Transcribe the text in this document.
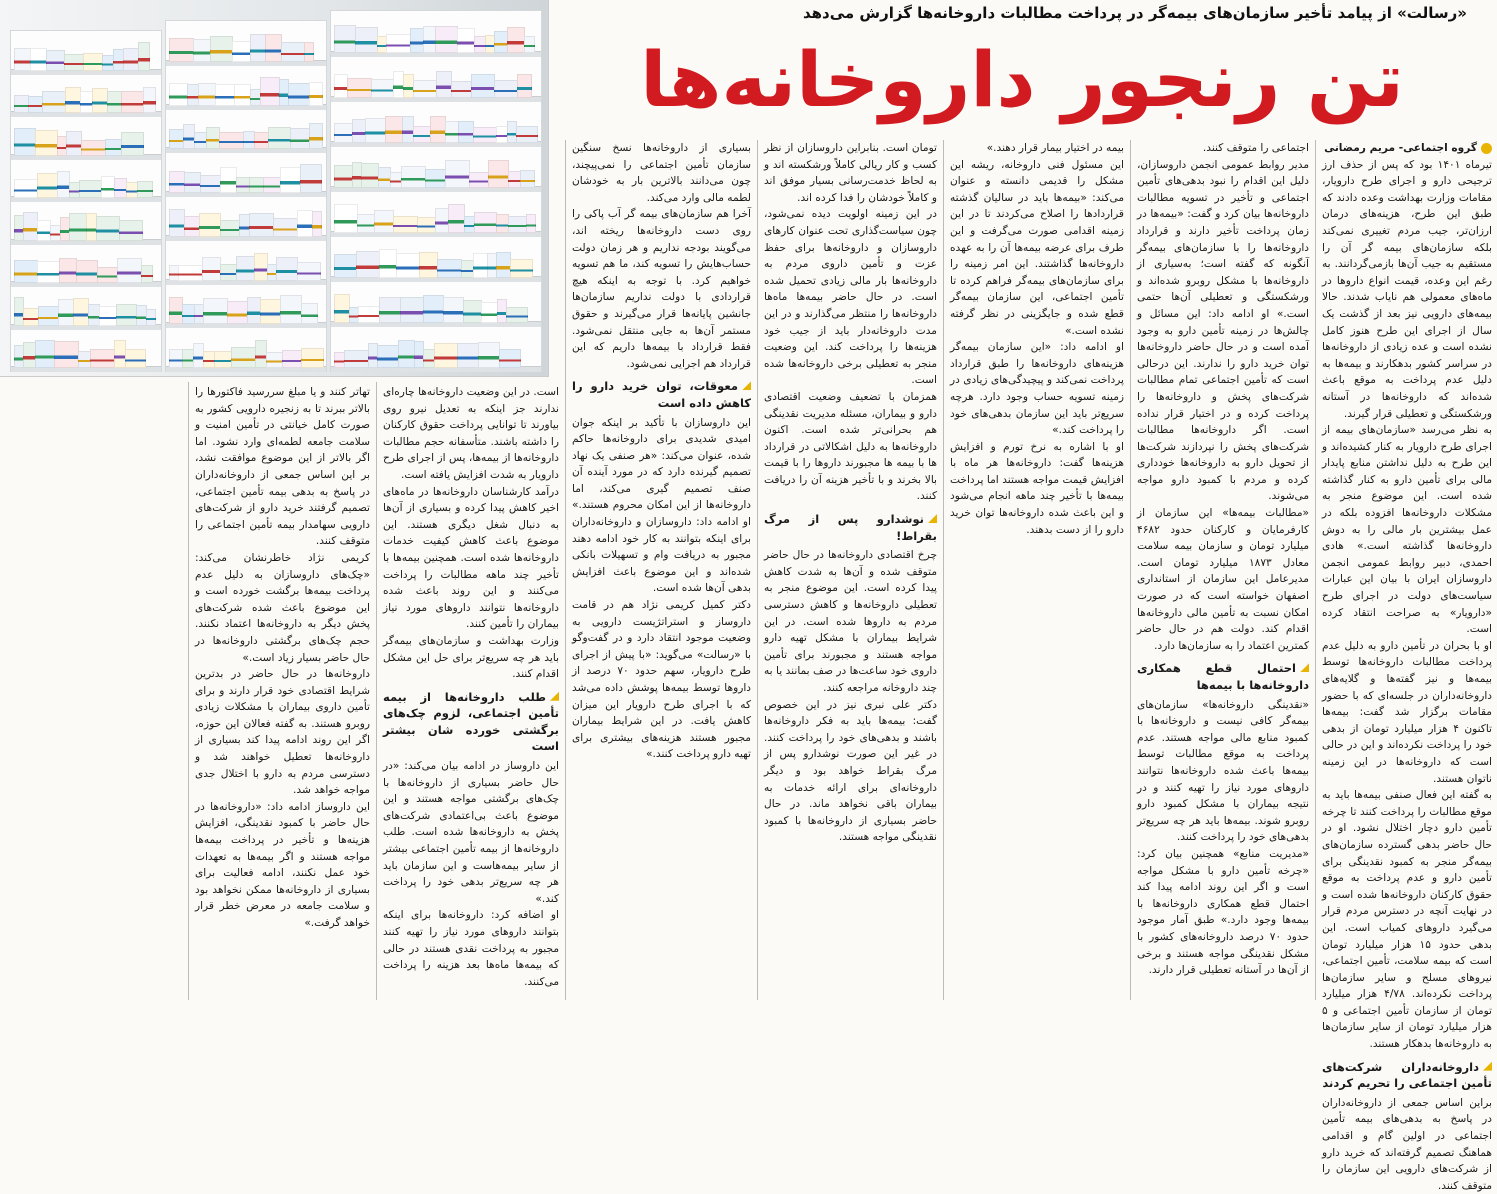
«رسالت» از پیامد تأخیر سازمان‌های بیمه‌گر در پرداخت مطالبات داروخانه‌ها گزارش می‌دهد
تن رنجور داروخانه‌ها

گروه اجتماعی- مریم رمضانی

تیرماه ۱۴۰۱ بود که پس از حذف ارز ترجیحی دارو و اجرای طرح دارویار، مقامات وزارت بهداشت وعده دادند که طبق این طرح، هزینه‌های درمان ارزان‌تر، جیب مردم تغییری نمی‌کند بلکه سازمان‌های بیمه گر آن را مستقیم به جیب آن‌ها بازمی‌گردانند. به رغم این وعده، قیمت انواع داروها در ماه‌های معمولی هم نایاب شدند. حالا بیمه‌های دارویی نیز بعد از گذشت یک سال از اجرای این طرح هنوز کامل نشده است و عده زیادی از داروخانه‌ها در سراسر کشور بدهکارند و بیمه‌ها به دلیل عدم پرداخت به موقع باعث شده‌اند که داروخانه‌ها در آستانه ورشکستگی و تعطیلی قرار گیرند.
به نظر می‌رسد «سازمان‌های بیمه از اجرای طرح دارویار به کنار کشیده‌اند و این طرح به دلیل نداشتن منابع پایدار مالی برای تأمین دارو به کنار گذاشته شده است. این موضوع منجر به مشکلات داروخانه‌ها افزوده بلکه در عمل بیشترین بار مالی را به دوش داروخانه‌ها گذاشته است.» هادی احمدی، دبیر روابط عمومی انجمن داروسازان ایران با بیان این عبارات سیاست‌های دولت در اجرای طرح «دارویار» به صراحت انتقاد کرده است.
او با بحران در تأمین دارو به دلیل عدم پرداخت مطالبات داروخانه‌ها توسط بیمه‌ها و نیز گفته‌ها و گلایه‌های داروخانه‌داران در جلسه‌ای که با حضور مقامات برگزار شد گفت: بیمه‌ها تاکنون ۴ هزار میلیارد تومان از بدهی خود را پرداخت نکرده‌اند و این در حالی است که داروخانه‌ها در این زمینه ناتوان هستند.

به گفته این فعال صنفی بیمه‌ها باید به موقع مطالبات را پرداخت کنند تا چرخه تأمین دارو دچار اختلال نشود. او در حال حاضر بدهی گسترده سازمان‌های بیمه‌گر منجر به کمبود نقدینگی برای تأمین دارو و عدم پرداخت به موقع حقوق کارکنان داروخانه‌ها شده است و در نهایت آنچه در دسترس مردم قرار می‌گیرد داروهای کمیاب است. این بدهی حدود ۱۵ هزار میلیارد تومان است که بیمه سلامت، تأمین اجتماعی، نیروهای مسلح و سایر سازمان‌ها پرداخت نکرده‌اند. ۴/۷۸ هزار میلیارد تومان از سازمان تأمین اجتماعی و ۵ هزار میلیارد تومان از سایر سازمان‌ها به داروخانه‌ها بدهکار هستند.

داروخانه‌داران شرکت‌های تأمین اجتماعی را تحریم کردند

براین اساس جمعی از داروخانه‌داران در پاسخ به بدهی‌های بیمه تأمین اجتماعی در اولین گام و اقدامی هماهنگ تصمیم گرفته‌اند که خرید دارو از شرکت‌های دارویی این سازمان را متوقف کنند.

اجتماعی را متوقف کنند.
مدیر روابط عمومی انجمن داروسازان، دلیل این اقدام را نبود بدهی‌های تأمین اجتماعی و تأخیر در تسویه مطالبات داروخانه‌ها بیان کرد و گفت: «بیمه‌ها در زمان پرداخت تأخیر دارند و قرارداد داروخانه‌ها را با سازمان‌های بیمه‌گر آنگونه که گفته است؛ به‌سیاری از داروخانه‌ها با مشکل روبرو شده‌اند و ورشکستگی و تعطیلی آن‌ها حتمی است.» او ادامه داد: این مسائل و چالش‌ها در زمینه تأمین دارو به وجود آمده است و در حال حاضر داروخانه‌ها توان خرید دارو را ندارند. این درحالی است که تأمین اجتماعی تمام مطالبات شرکت‌های پخش و داروخانه‌ها را پرداخت کرده و در اختیار قرار نداده است. اگر داروخانه‌ها مطالبات شرکت‌های پخش را نپردازند شرکت‌ها از تحویل دارو به داروخانه‌ها خودداری کرده و مردم با کمبود دارو مواجه می‌شوند.
«مطالبات بیمه‌ها» این سازمان از کارفرمایان و کارکنان حدود ۴۶۸۲ میلیارد تومان و سازمان بیمه سلامت معادل ۱۸۷۳ میلیارد تومان است. مدیرعامل این سازمان از استانداری اصفهان خواسته است که در صورت امکان نسبت به تأمین مالی داروخانه‌ها اقدام کند. دولت هم در حال حاضر کمترین اعتماد را به سازمان‌ها دارد.

احتمال قطع همکاری داروخانه‌ها با بیمه‌ها

«نقدینگی داروخانه‌ها» سازمان‌های بیمه‌گر کافی نیست و داروخانه‌ها با کمبود منابع مالی مواجه هستند. عدم پرداخت به موقع مطالبات توسط بیمه‌ها باعث شده داروخانه‌ها نتوانند داروهای مورد نیاز را تهیه کنند و در نتیجه بیماران با مشکل کمبود دارو روبرو شوند. بیمه‌ها باید هر چه سریع‌تر بدهی‌های خود را پرداخت کنند.
«مدیریت منابع» همچنین بیان کرد: «چرخه تأمین دارو با مشکل مواجه است و اگر این روند ادامه پیدا کند احتمال قطع همکاری داروخانه‌ها با بیمه‌ها وجود دارد.» طبق آمار موجود حدود ۷۰ درصد داروخانه‌های کشور با مشکل نقدینگی مواجه هستند و برخی از آن‌ها در آستانه تعطیلی قرار دارند.

بیمه در اختیار بیمار قرار دهند.»
این مسئول فنی داروخانه، ریشه این مشکل را قدیمی دانسته و عنوان می‌کند: «بیمه‌ها باید در سالیان گذشته قرارداد‌ها را اصلاح می‌کردند تا در این زمینه اقدامی صورت می‌گرفت و این طرف برای عرضه بیمه‌ها آن را به عهده داروخانه‌ها گذاشتند. این امر زمینه را برای سازمان‌های بیمه‌گر فراهم کرده تا تأمین اجتماعی، این سازمان بیمه‌گر قطع شده و جایگزینی در نظر گرفته نشده است.»
او ادامه داد: «این سازمان بیمه‌گر هزینه‌های داروخانه‌ها را طبق قرارداد پرداخت نمی‌کند و پیچیدگی‌های زیادی در زمینه تسویه حساب وجود دارد. هرچه سریع‌تر باید این سازمان بدهی‌های خود را پرداخت کند.»
او با اشاره به نرخ تورم و افزایش هزینه‌ها گفت: داروخانه‌ها هر ماه با افزایش قیمت مواجه هستند اما پرداخت بیمه‌ها با تأخیر چند ماهه انجام می‌شود و این باعث شده داروخانه‌ها توان خرید دارو را از دست بدهند.

تومان است. بنابراین داروسازان از نظر کسب و کار ریالی کاملاً ورشکسته اند و به لحاظ خدمت‌رسانی بسیار موفق اند و کاملاً خودشان را فدا کرده اند.
در این زمینه اولویت دیده نمی‌شود، چون سیاست‌گذاری تحت عنوان کارهای داروسازان و داروخانه‌ها برای حفظ عزت و تأمین داروی مردم به داروخانه‌ها بار مالی زیادی تحمیل شده است. در حال حاضر بیمه‌ها ماه‌ها داروخانه‌ها را منتظر می‌گذارند و در این مدت داروخانه‌دار باید از جیب خود هزینه‌ها را پرداخت کند. این وضعیت منجر به تعطیلی برخی داروخانه‌ها شده است.
همزمان با تضعیف وضعیت اقتصادی دارو و بیماران، مسئله مدیریت نقدینگی هم بحرانی‌تر شده است. اکنون داروخانه‌ها به دلیل اشکالاتی در قرارداد ها با بیمه ها مجبورند داروها را با قیمت بالا بخرند و با تأخیر هزینه آن را دریافت کنند.

نوشدارو پس از مرگ بقراط!

چرخ اقتصادی داروخانه‌ها در حال حاضر متوقف شده و آن‌ها به شدت کاهش پیدا کرده است. این موضوع منجر به تعطیلی داروخانه‌ها و کاهش دسترسی مردم به داروها شده است. در این شرایط بیماران با مشکل تهیه دارو مواجه هستند و مجبورند برای تأمین داروی خود ساعت‌ها در صف بمانند یا به چند داروخانه مراجعه کنند.
دکتر علی نبری نیز در این خصوص گفت: بیمه‌ها باید به فکر داروخانه‌ها باشند و بدهی‌های خود را پرداخت کنند. در غیر این صورت نوشدارو پس از مرگ بقراط خواهد بود و دیگر داروخانه‌ای برای ارائه خدمات به بیماران باقی نخواهد ماند. در حال حاضر بسیاری از داروخانه‌ها با کمبود نقدینگی مواجه هستند.

بسیاری از داروخانه‌ها نسخ سنگین سازمان تأمین اجتماعی را نمی‌پیچند، چون می‌دانند بالاترین بار به خودشان لطمه مالی وارد می‌کند.
آخرا هم سازمان‌های بیمه گر آب پاکی را روی دست داروخانه‌ها ریخته اند، می‌گویند بودجه نداریم و هر زمان دولت حساب‌هایش را تسویه کند، ما هم تسویه خواهیم کرد. با توجه به اینکه هیچ قراردادی با دولت نداریم سازمان‌ها جانشین پایانه‌ها قرار می‌گیرند و حقوق مستمر آن‌ها به جایی منتقل نمی‌شود. فقط قرارداد با بیمه‌ها داریم که این قرارداد هم اجرایی نمی‌شود.

معوقات، توان خرید دارو را کاهش داده است

این داروسازان با تأکید بر اینکه جوان امیدی شدیدی برای داروخانه‌ها حاکم شده، عنوان می‌کند: «هر صنفی یک نهاد تصمیم گیرنده دارد که در مورد آینده آن صنف تصمیم گیری می‌کند، اما داروخانه‌ها از این امکان محروم هستند.» او ادامه داد: داروسازان و داروخانه‌داران برای اینکه بتوانند به کار خود ادامه دهند مجبور به دریافت وام و تسهیلات بانکی شده‌اند و این موضوع باعث افزایش بدهی آن‌ها شده است.
دکتر کمیل کریمی نژاد هم در قامت داروساز و استراتژیست دارویی به وضعیت موجود انتقاد دارد و در گفت‌وگو با «رسالت» می‌گوید: «با پیش از اجرای طرح دارویار، سهم حدود ۷۰ درصد از داروها توسط بیمه‌ها پوشش داده می‌شد که با اجرای طرح دارویار این میزان کاهش یافت. در این شرایط بیماران مجبور هستند هزینه‌های بیشتری برای تهیه دارو پرداخت کنند.»

است. در این وضعیت داروخانه‌ها چاره‌ای ندارند جز اینکه به تعدیل نیرو روی بیاورند تا توانایی پرداخت حقوق کارکنان را داشته باشند. متأسفانه حجم مطالبات داروخانه‌ها از بیمه‌ها، پس از اجرای طرح دارویار به شدت افزایش یافته است.
درآمد کارشناسان داروخانه‌ها در ماه‌های اخیر کاهش پیدا کرده و بسیاری از آن‌ها به دنبال شغل دیگری هستند. این موضوع باعث کاهش کیفیت خدمات داروخانه‌ها شده است. همچنین بیمه‌ها با تأخیر چند ماهه مطالبات را پرداخت می‌کنند و این روند باعث شده داروخانه‌ها نتوانند داروهای مورد نیاز بیماران را تأمین کنند.
وزارت بهداشت و سازمان‌های بیمه‌گر باید هر چه سریع‌تر برای حل این مشکل اقدام کنند.

طلب داروخانه‌ها از بیمه تأمین اجتماعی، لزوم چک‌های برگشتی خورده شان بیشتر است

این داروساز در ادامه بیان می‌کند: «در حال حاضر بسیاری از داروخانه‌ها با چک‌های برگشتی مواجه هستند و این موضوع باعث بی‌اعتمادی شرکت‌های پخش به داروخانه‌ها شده است. طلب داروخانه‌ها از بیمه تأمین اجتماعی بیشتر از سایر بیمه‌هاست و این سازمان باید هر چه سریع‌تر بدهی خود را پرداخت کند.»
او اضافه کرد: داروخانه‌ها برای اینکه بتوانند داروهای مورد نیاز را تهیه کنند مجبور به پرداخت نقدی هستند در حالی که بیمه‌ها ماه‌ها بعد هزینه را پرداخت می‌کنند.

تهاتر کنند و یا مبلغ سررسید فاکتورها را بالاتر ببرند تا به زنجیره دارویی کشور به صورت کامل خیانتی در تأمین امنیت و سلامت جامعه لطمه‌ای وارد نشود. اما اگر بالاتر از این موضوع موافقت نشد، بر این اساس جمعی از داروخانه‌داران در پاسخ به بدهی بیمه تأمین اجتماعی، تصمیم گرفتند خرید دارو از شرکت‌های دارویی سهامدار بیمه تأمین اجتماعی را متوقف کنند.
کریمی نژاد خاطرنشان می‌کند: «چک‌های داروسازان به دلیل عدم پرداخت بیمه‌ها برگشت خورده است و این موضوع باعث شده شرکت‌های پخش دیگر به داروخانه‌ها اعتماد نکنند. حجم چک‌های برگشتی داروخانه‌ها در حال حاضر بسیار زیاد است.»
داروخانه‌ها در حال حاضر در بدترین شرایط اقتصادی خود قرار دارند و برای تأمین داروی بیماران با مشکلات زیادی روبرو هستند. به گفته فعالان این حوزه، اگر این روند ادامه پیدا کند بسیاری از داروخانه‌ها تعطیل خواهند شد و دسترسی مردم به دارو با اختلال جدی مواجه خواهد شد.
این داروساز ادامه داد: «داروخانه‌ها در حال حاضر با کمبود نقدینگی، افزایش هزینه‌ها و تأخیر در پرداخت بیمه‌ها مواجه هستند و اگر بیمه‌ها به تعهدات خود عمل نکنند، ادامه فعالیت برای بسیاری از داروخانه‌ها ممکن نخواهد بود و سلامت جامعه در معرض خطر قرار خواهد گرفت.»
